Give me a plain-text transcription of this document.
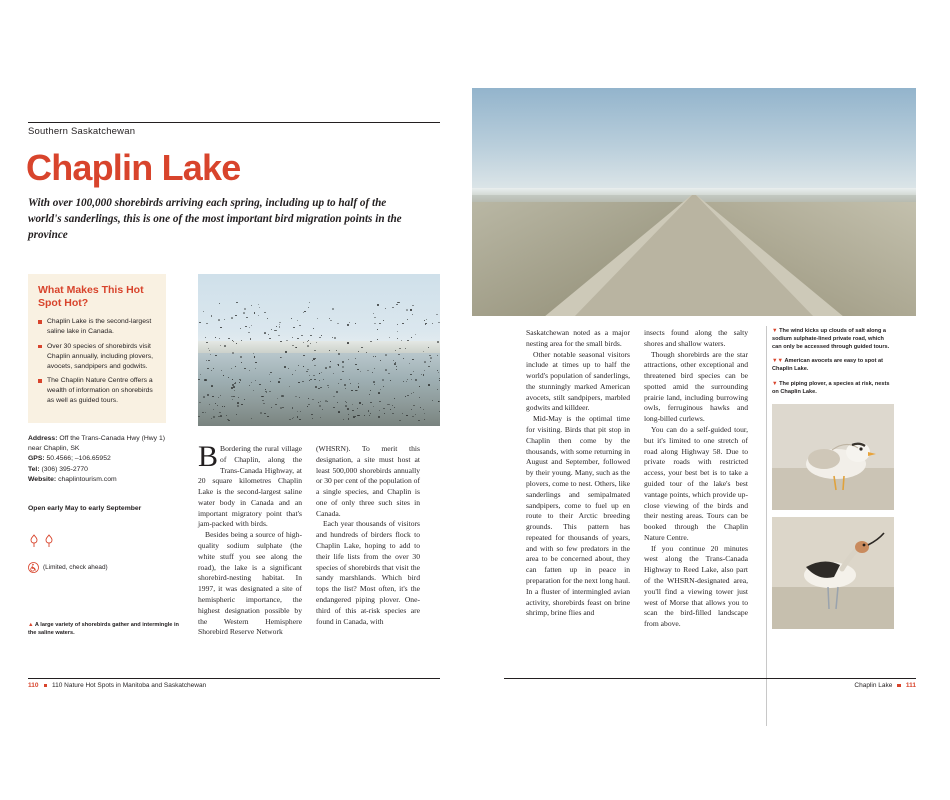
Southern Saskatchewan
Chaplin Lake
With over 100,000 shorebirds arriving each spring, including up to half of the world's sanderlings, this is one of the most important bird migration points in the province
What Makes This Hot Spot Hot?
Chaplin Lake is the second-largest saline lake in Canada.
Over 30 species of shorebirds visit Chaplin annually, including plovers, avocets, sandpipers and godwits.
The Chaplin Nature Centre offers a wealth of information on shorebirds as well as guided tours.
Address: Off the Trans-Canada Hwy (Hwy 1) near Chaplin, SK
GPS: 50.4566; –106.65952
Tel: (306) 395-2770
Website: chaplintourism.com
Open early May to early September
(Limited, check ahead)

B Bordering the rural village of Chaplin, along the Trans-Canada Highway, at 20 square kilometres Chaplin Lake is the second-largest saline water body in Canada and an important migratory point that's jam-packed with birds.

Besides being a source of high-quality sodium sulphate (the white stuff you see along the road), the lake is a significant shorebird-nesting habitat. In 1997, it was designated a site of hemispheric importance, the highest designation possible by the Western Hemisphere Shorebird Reserve Network

(WHSRN). To merit this designation, a site must host at least 500,000 shorebirds annually or 30 per cent of the population of a single species, and Chaplin is one of only three such sites in Canada.

Each year thousands of visitors and hundreds of birders flock to Chaplin Lake, hoping to add to their life lists from the over 30 species of shorebirds that visit the sandy marshlands. Which bird tops the list? Most often, it's the endangered piping plover. One-third of this at-risk species are found in Canada, with

▲ A large variety of shorebirds gather and intermingle in the saline waters.

Saskatchewan noted as a major nesting area for the small birds.

Other notable seasonal visitors include at times up to half the world's population of sanderlings, the stunningly marked American avocets, stilt sandpipers, marbled godwits and killdeer.

Mid-May is the optimal time for visiting. Birds that pit stop in Chaplin then come by the thousands, with some returning in August and September, followed by their young. Many, such as the plovers, come to nest. Others, like sanderlings and semipalmated sandpipers, come to fuel up en route to their Arctic breeding grounds. This pattern has repeated for thousands of years, and with so few predators in the area to be concerned about, they can fatten up in peace in preparation for the next long haul. In a fluster of intermingled avian activity, shorebirds feast on brine shrimp, brine flies and

insects found along the salty shores and shallow waters.

Though shorebirds are the star attractions, other exceptional and threatened bird species can be spotted amid the surrounding prairie land, including burrowing owls, ferruginous hawks and long-billed curlews.

You can do a self-guided tour, but it's limited to one stretch of road along Highway 58. Due to private roads with restricted access, your best bet is to take a guided tour of the lake's best vantage points, which provide up-close viewing of the birds and their nesting areas. Tours can be booked through the Chaplin Nature Centre.

If you continue 20 minutes west along the Trans-Canada Highway to Reed Lake, also part of the WHSRN-designated area, you'll find a viewing tower just west of Morse that allows you to scan the bird-filled landscape from above.

▼ The wind kicks up clouds of salt along a sodium sulphate-lined private road, which can only be accessed through guided tours.
▼▼ American avocets are easy to spot at Chaplin Lake.
▼ The piping plover, a species at risk, nests on Chaplin Lake.
110 110 Nature Hot Spots in Manitoba and Saskatchewan	Chaplin Lake 111
